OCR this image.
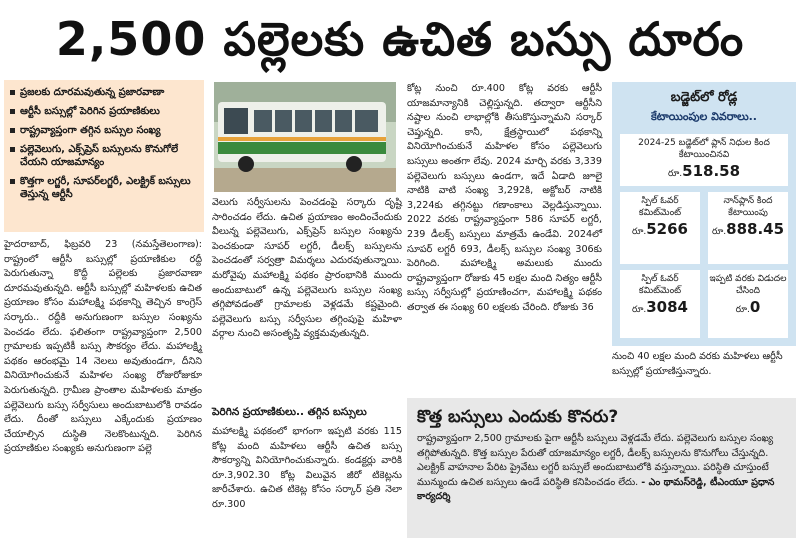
2,500 పల్లెలకు ఉచిత బస్సు దూరం
ప్రజలకు దూరమవుతున్న ప్రజారవాణా
ఆర్టీసీ బస్సుల్లో పెరిగిన ప్రయాణికులు
రాష్ట్రవ్యాప్తంగా తగ్గిన బస్సుల సంఖ్య
పల్లెవెలుగు, ఎక్స్‌ప్రెస్ బస్సులను కొనుగోలే చేయని యాజమాన్యం
కొత్తగా లగ్జరీ, సూపర్‌లగ్జరీ, ఎలక్ట్రిక్ బస్సులు తెస్తున్న ఆర్టీసీ

హైదరాబాద్, ఫిబ్రవరి 23 (నమస్తేతెలంగాణ): రాష్ట్రంలో ఆర్టీసీ బస్సుల్లో ప్రయాణికుల రద్దీ పెరుగుతున్నా కొద్దీ పల్లెలకు ప్రజారవాణా దూరమవుతున్నది. ఆర్టీసీ బస్సుల్లో మహిళలకు ఉచిత ప్రయాణం కోసం మహాలక్ష్మి పథకాన్ని తెచ్చిన కాంగ్రెస్ సర్కారు.. రద్దీకి అనుగుణంగా బస్సుల సంఖ్యను పెంచడం లేదు. ఫలితంగా రాష్ట్రవ్యాప్తంగా 2,500 గ్రామాలకు ఇప్పటికీ బస్సు సౌకర్యం లేదు. మహాలక్ష్మి పథకం ఆరంభమై 14 నెలలు అవుతుండగా, దీనిని వినియోగించుకునే మహిళల సంఖ్య రోజురోజుకూ పెరుగుతున్నది. గ్రామీణ ప్రాంతాల మహిళలకు మాత్రం పల్లెవెలుగు బస్సు సర్వీసులు అందుబాటులోకి రావడం లేదు. దీంతో బస్సులు ఎక్కేందుకు ప్రయాణం చేయాల్సిన దుస్థితి నెలకొంటున్నది. పెరిగిన ప్రయాణికుల సంఖ్యకు అనుగుణంగా పల్లె

వెలుగు సర్వీసులను పెంచడంపై సర్కారు దృష్టి సారించడం లేదు. ఉచిత ప్రయాణం అందించేందుకు వీలున్న పల్లెవెలుగు, ఎక్స్‌ప్రెస్ బస్సుల సంఖ్యను పెంచకుండా సూపర్ లగ్జరీ, డీలక్స్ బస్సులను పెంచడంతో సర్వత్రా విమర్శలు ఎదురవుతున్నాయి. మరోవైపు మహాలక్ష్మి పథకం ప్రారంభానికి ముందు అందుబాటులో ఉన్న పల్లెవెలుగు బస్సుల సంఖ్య తగ్గిపోవడంతో గ్రామాలకు వెళ్లడమే కష్టమైంది. పల్లెవెలుగు బస్సు సర్వీసుల తగ్గింపుపై మహిళా వర్గాల నుంచి అసంతృప్తి వ్యక్తమవుతున్నది.

పెరిగిన ప్రయాణికులు.. తగ్గిన బస్సులు

మహాలక్ష్మి పథకంలో భాగంగా ఇప్పటి వరకు 115 కోట్ల మంది మహిళలు ఆర్టీసీ ఉచిత బస్సు సౌకర్యాన్ని వినియోగించుకున్నారు. కండక్టర్లు వారికి రూ.3,902.30 కోట్ల విలువైన జీరో టికెట్లను జారీచేశారు. ఉచిత టికెట్ల కోసం సర్కార్ ప్రతి నెలా రూ.300

కోట్ల నుంచి రూ.400 కోట్ల వరకు ఆర్టీసీ యాజమాన్యానికి చెల్లిస్తున్నది. తద్వారా ఆర్టీసీని నష్టాల నుంచి లాభాల్లోకి తీసుకొస్తున్నామని సర్కార్ చెప్తున్నది. కానీ, క్షేత్రస్థాయిలో పథకాన్ని వినియోగించుకునే మహిళల కోసం పల్లెవెలుగు బస్సులు అంతగా లేవు. 2024 మార్చి వరకు 3,339 పల్లెవెలుగు బస్సులు ఉండగా, ఇదే ఏడాది జూలై నాటికి వాటి సంఖ్య 3,292కి, అక్టోబర్ నాటికి 3,224కు తగ్గినట్టు గణాంకాలు వెల్లడిస్తున్నాయి. 2022 వరకు రాష్ట్రవ్యాప్తంగా 586 సూపర్ లగ్జరీ, 239 డీలక్స్ బస్సులు మాత్రమే ఉండేవి. 2024లో సూపర్ లగ్జరీ 693, డీలక్స్ బస్సుల సంఖ్య 306కు పెరిగింది. మహాలక్ష్మి అమలుకు ముందు రాష్ట్రవ్యాప్తంగా రోజుకు 45 లక్షల మంది నిత్యం ఆర్టీసీ బస్సు సర్వీసుల్లో ప్రయాణించగా, మహాలక్ష్మి పథకం తర్వాత ఈ సంఖ్య 60 లక్షలకు చేరింది. రోజుకు 36

బడ్జెట్‌లో రోడ్ల
కేటాయింపుల వివరాలు..
2024-25 బడ్జెట్‌లో ప్లాన్ నిధుల కింద కేటాయించినవి
రూ.518.58
స్పిల్ ఓవర్ కమిట్‌మెంట్
రూ.5266
నాన్‌ప్లాన్ కింద కేటాయింపు
రూ.888.45
స్పిల్ ఓవర్ కమిట్‌మెంట్
రూ.3084
ఇప్పటి వరకు విడుదల చేసింది
రూ.0
నుంచి 40 లక్షల మంది వరకు మహిళలు ఆర్టీసీ బస్సుల్లో ప్రయాణిస్తున్నారు.
కొత్త బస్సులు ఎందుకు కొనరు?
రాష్ట్రవ్యాప్తంగా 2,500 గ్రామాలకు పైగా ఆర్టీసీ బస్సులు వెళ్లడమే లేదు. పల్లెవెలుగు బస్సుల సంఖ్య తగ్గిపోతున్నది. కొత్త బస్సుల పేరుతో యాజమాన్యం లగ్జరీ, డీలక్స్ బస్సులను కొనుగోలు చేస్తున్నది. ఎలక్ట్రిక్ వాహనాల పేరిట ప్రైవేటు లగ్జరీ బస్సులే అందుబాటులోకి వస్తున్నాయి. పరిస్థితి చూస్తుంటే మున్ముందు ఉచిత బస్సులు ఉండే పరిస్థితి కనిపించడం లేదు. - ఎం థామస్‌రెడ్డి, టీఎంయూ ప్రధాన కార్యదర్శి
